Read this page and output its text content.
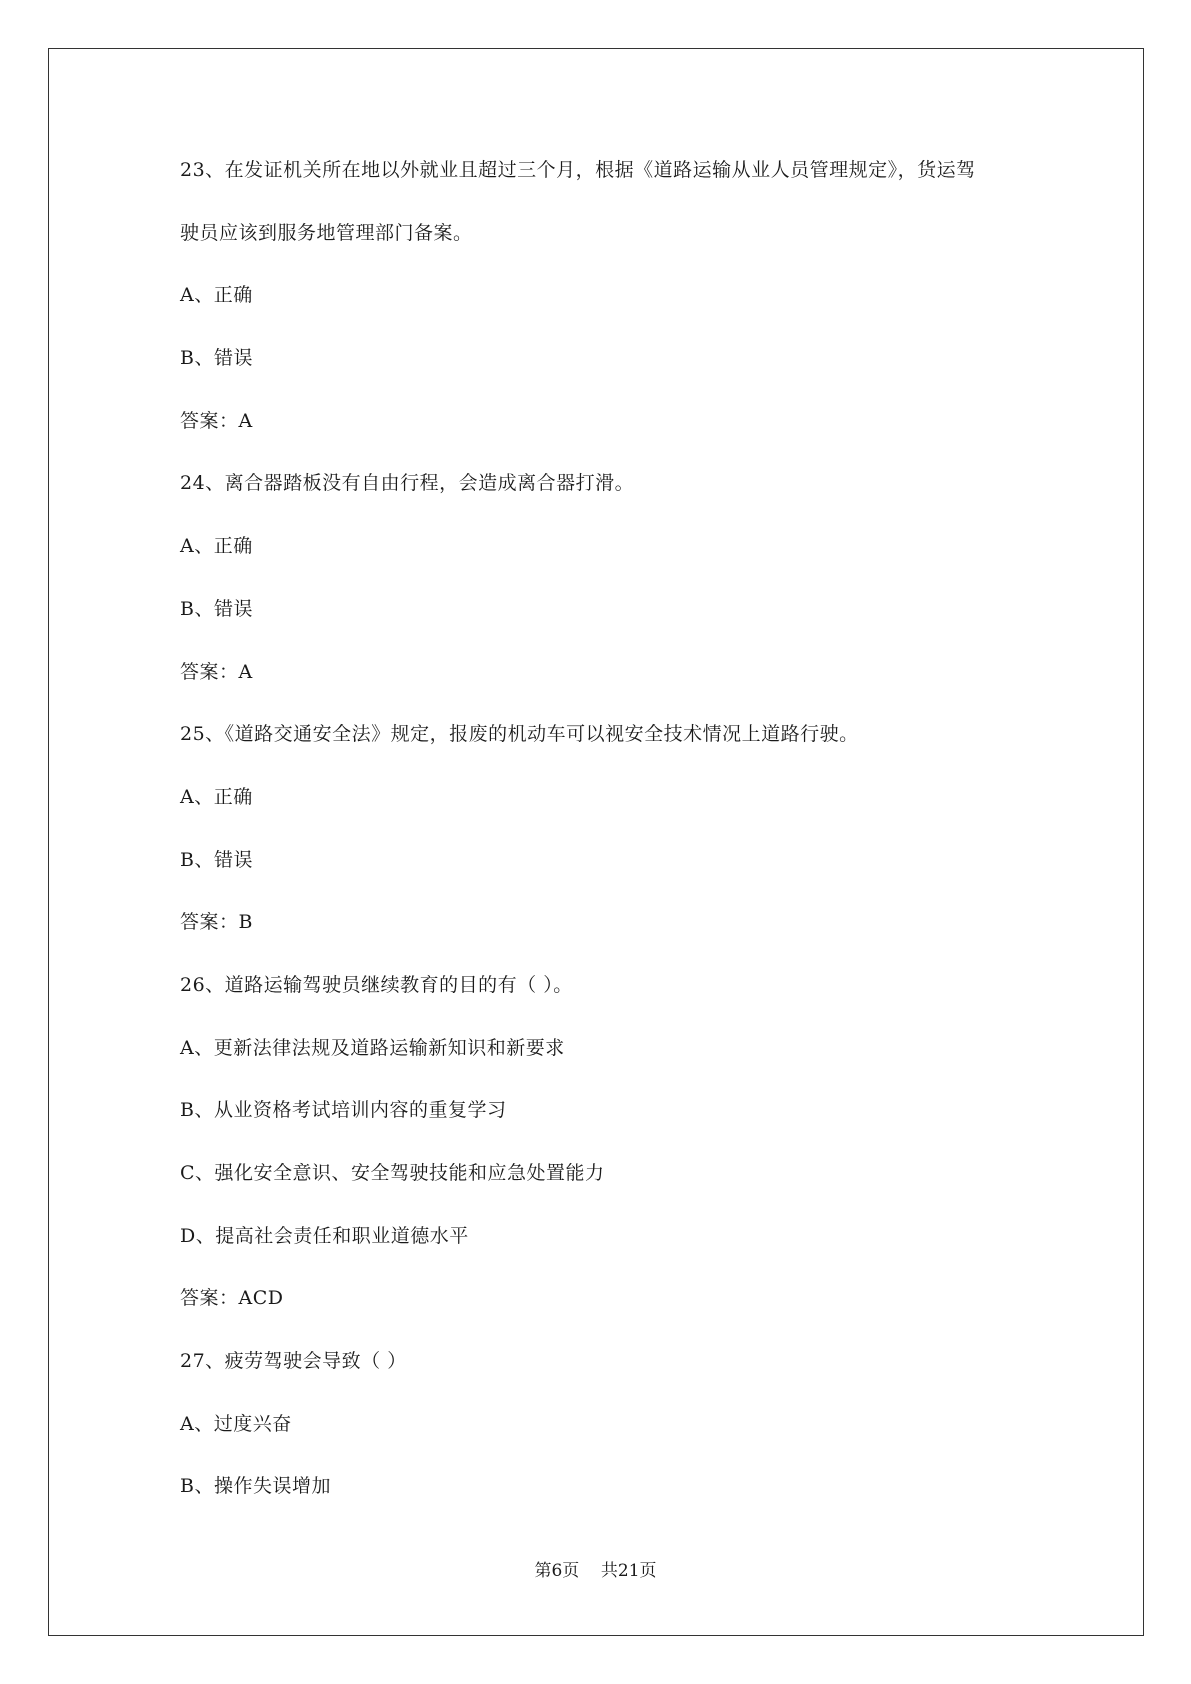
23、在发证机关所在地以外就业且超过三个月，根据《道路运输从业人员管理规定》，货运驾
驶员应该到服务地管理部门备案。
A、正确
B、错误
答案：A
24、离合器踏板没有自由行程，会造成离合器打滑。
A、正确
B、错误
答案：A
25、《道路交通安全法》规定，报废的机动车可以视安全技术情况上道路行驶。
A、正确
B、错误
答案：B
26、道路运输驾驶员继续教育的目的有（ ）。
A、更新法律法规及道路运输新知识和新要求
B、从业资格考试培训内容的重复学习
C、强化安全意识、安全驾驶技能和应急处置能力
D、提高社会责任和职业道德水平
答案：ACD
27、疲劳驾驶会导致（ ）
A、过度兴奋
B、操作失误增加
第6页    共21页
